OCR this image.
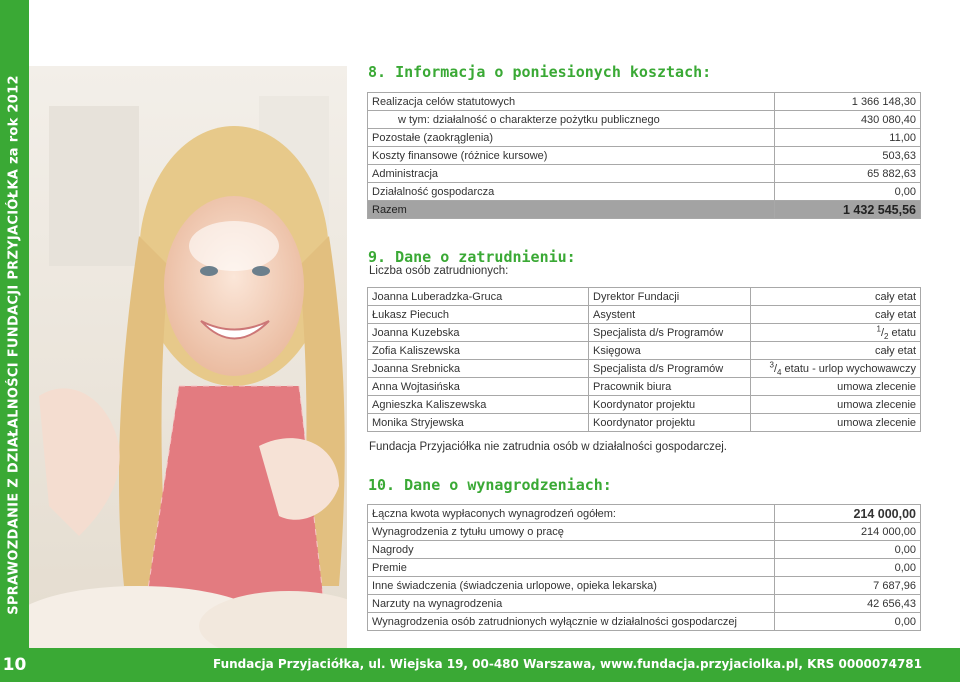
SPRAWOZDANIE Z DZIAŁALNOŚCI FUNDACJI PRZYJACIÓŁKA za rok 2012
10
8. Informacja o poniesionych kosztach:
Realizacja celów statutowych	1 366 148,30
w tym: działalność o charakterze pożytku publicznego	430 080,40
Pozostałe (zaokrąglenia)	11,00
Koszty finansowe (różnice kursowe)	503,63
Administracja	65 882,63
Działalność gospodarcza	0,00
Razem	1 432 545,56
9. Dane o zatrudnieniu:
Liczba osób zatrudnionych:
Joanna Luberadzka-Gruca	Dyrektor Fundacji	cały etat
Łukasz Piecuch	Asystent	cały etat
Joanna Kuzebska	Specjalista d/s Programów	$^1/_2$ etatu
Zofia Kaliszewska	Księgowa	cały etat
Joanna Srebnicka	Specjalista d/s Programów	$^3/_4$ etatu - urlop wychowawczy
Anna Wojtasińska	Pracownik biura	umowa zlecenie
Agnieszka Kaliszewska	Koordynator projektu	umowa zlecenie
Monika Stryjewska	Koordynator projektu	umowa zlecenie
Fundacja Przyjaciółka nie zatrudnia osób w działalności gospodarczej.
10. Dane o wynagrodzeniach:
Łączna kwota wypłaconych wynagrodzeń ogółem:	214 000,00
Wynagrodzenia z tytułu umowy o pracę	214 000,00
Nagrody	0,00
Premie	0,00
Inne świadczenia (świadczenia urlopowe, opieka lekarska)	7 687,96
Narzuty na wynagrodzenia	42 656,43
Wynagrodzenia osób zatrudnionych wyłącznie w działalności gospodarczej	0,00
Fundacja Przyjaciółka, ul. Wiejska 19, 00-480 Warszawa, www.fundacja.przyjaciolka.pl, KRS 0000074781
